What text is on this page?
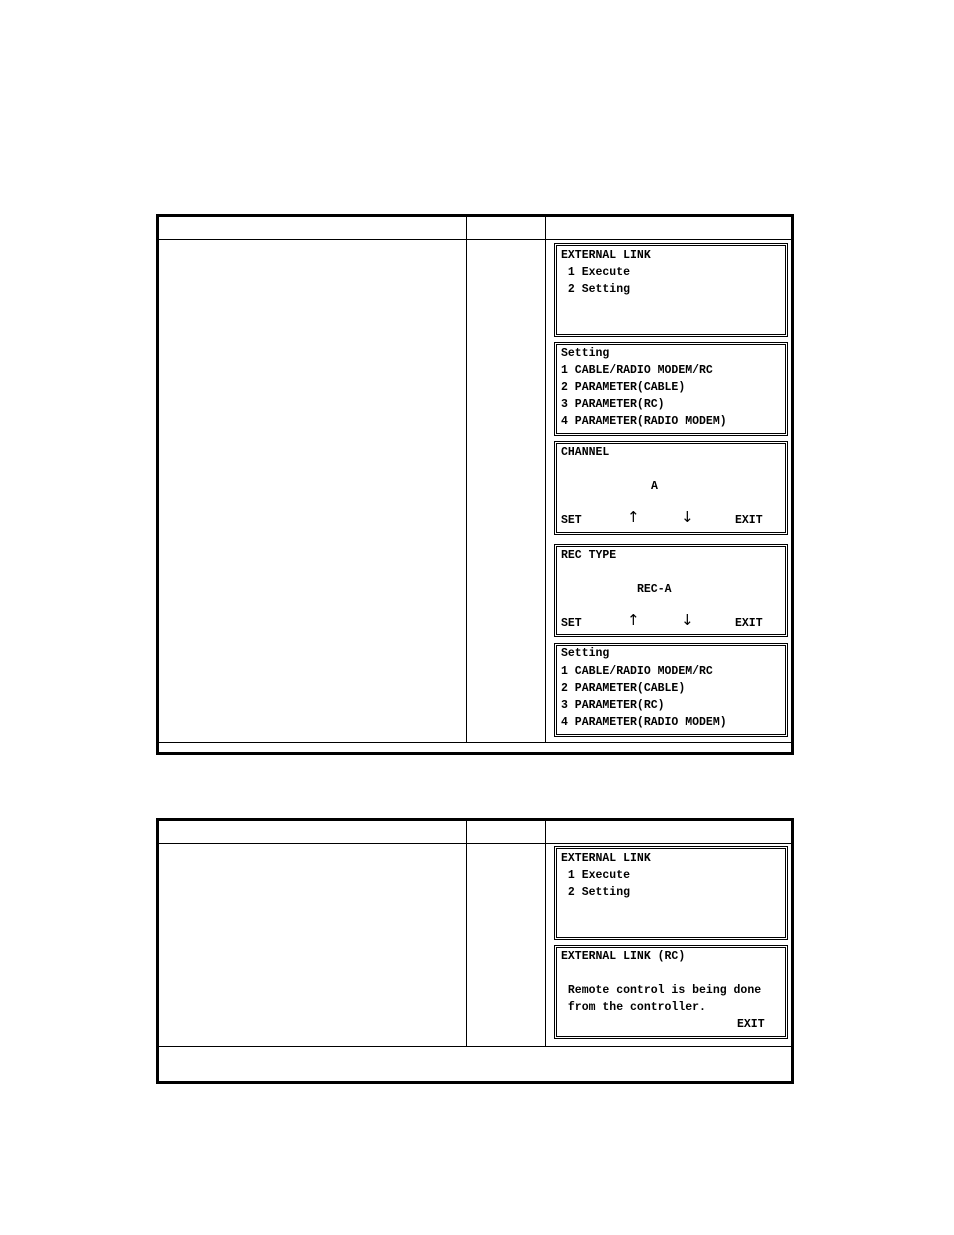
EXTERNAL LINK
1 Execute
2 Setting
Setting
1 CABLE/RADIO MODEM/RC
2 PARAMETER(CABLE)
3 PARAMETER(RC)
4 PARAMETER(RADIO MODEM)
CHANNEL
A
SET	↑	↓	EXIT
REC TYPE
REC-A
SET	↑	↓	EXIT
Setting
1 CABLE/RADIO MODEM/RC
2 PARAMETER(CABLE)
3 PARAMETER(RC)
4 PARAMETER(RADIO MODEM)
EXTERNAL LINK
1 Execute
2 Setting
EXTERNAL LINK (RC)
Remote control is being done
from the controller.
EXIT
